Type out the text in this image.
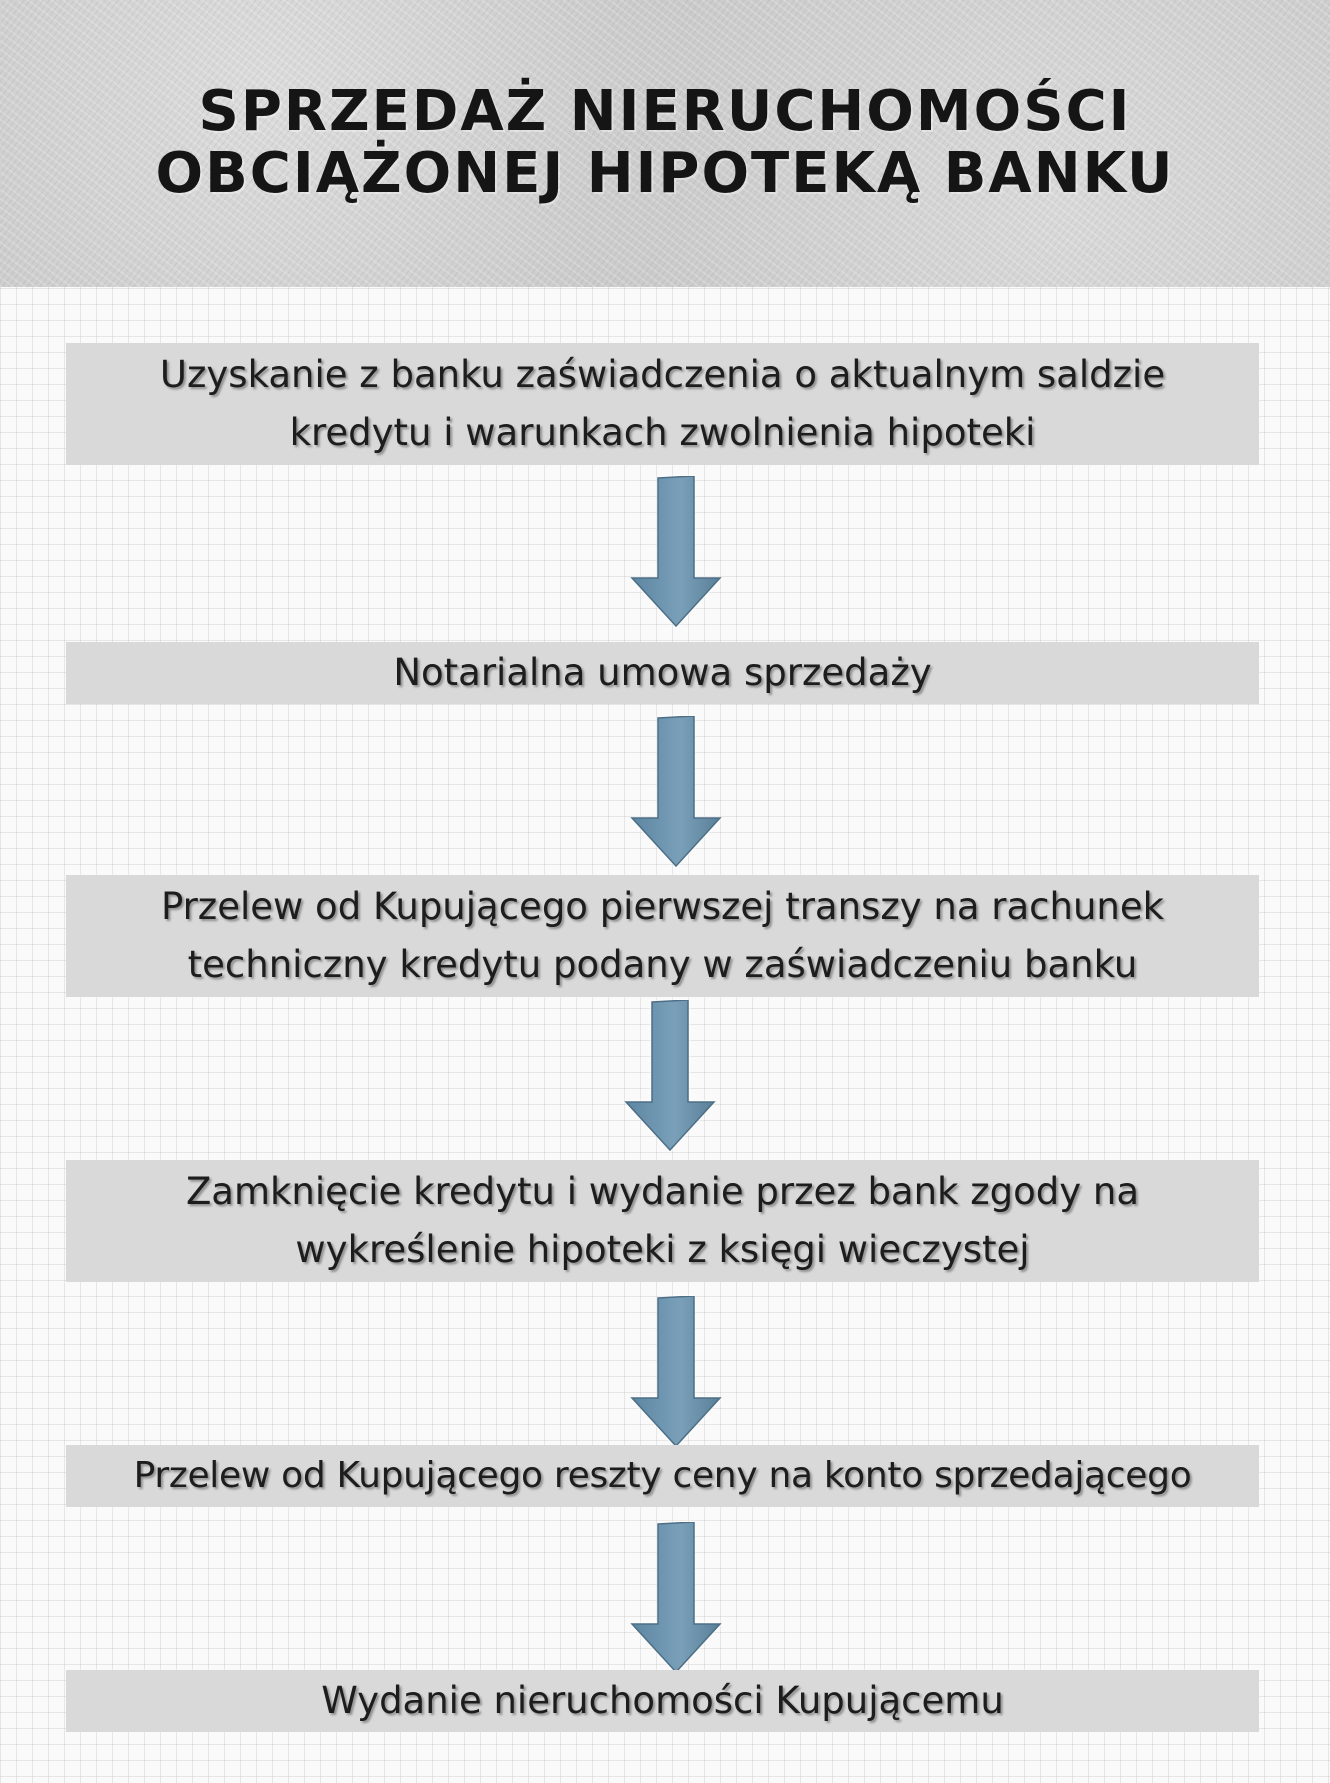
SPRZEDAŻ NIERUCHOMOŚCI
OBCIĄŻONEJ HIPOTEKĄ BANKU
Uzyskanie z banku zaświadczenia o aktualnym saldzie
kredytu i warunkach zwolnienia hipoteki
Notarialna umowa sprzedaży
Przelew od Kupującego pierwszej transzy na rachunek
techniczny kredytu podany w zaświadczeniu banku
Zamknięcie kredytu i wydanie przez bank zgody na
wykreślenie hipoteki z księgi wieczystej
Przelew od Kupującego reszty ceny na konto sprzedającego
Wydanie nieruchomości Kupującemu
